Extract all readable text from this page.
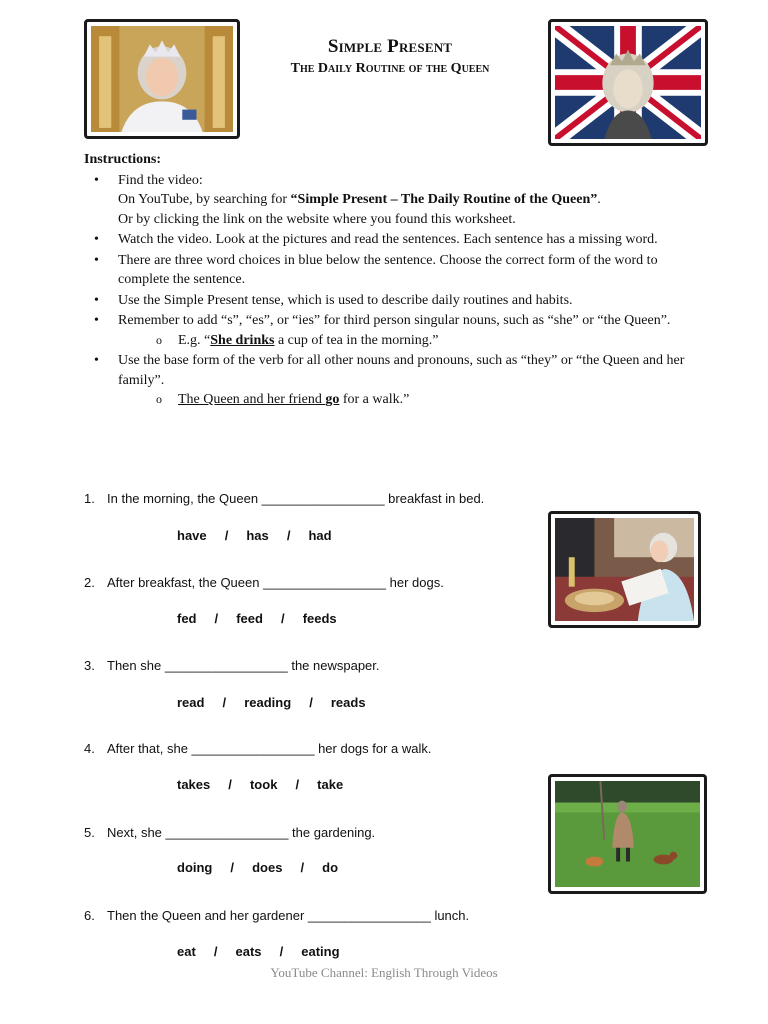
Simple Present
The Daily Routine of the Queen
Instructions:
• Find the video:
On YouTube, by searching for “Simple Present – The Daily Routine of the Queen”.
Or by clicking the link on the website where you found this worksheet.
• Watch the video. Look at the pictures and read the sentences. Each sentence has a missing word.
• There are three word choices in blue below the sentence. Choose the correct form of the word to complete the sentence.
• Use the Simple Present tense, which is used to describe daily routines and habits.
• Remember to add “s”, “es”, or “ies” for third person singular nouns, such as “she” or “the Queen”.
o E.g. “She drinks a cup of tea in the morning.”
• Use the base form of the verb for all other nouns and pronouns, such as “they” or “the Queen and her family”.
o The Queen and her friend go for a walk.”
1. In the morning, the Queen _________________ breakfast in bed.
have     /     has     /     had
2. After breakfast, the Queen _________________ her dogs.
fed     /     feed     /     feeds
3. Then she _________________ the newspaper.
read     /     reading     /     reads
4. After that, she _________________ her dogs for a walk.
takes     /     took     /     take
5. Next, she _________________ the gardening.
doing     /     does     /     do
6. Then the Queen and her gardener _________________ lunch.
eat     /     eats     /     eating
YouTube Channel: English Through Videos
